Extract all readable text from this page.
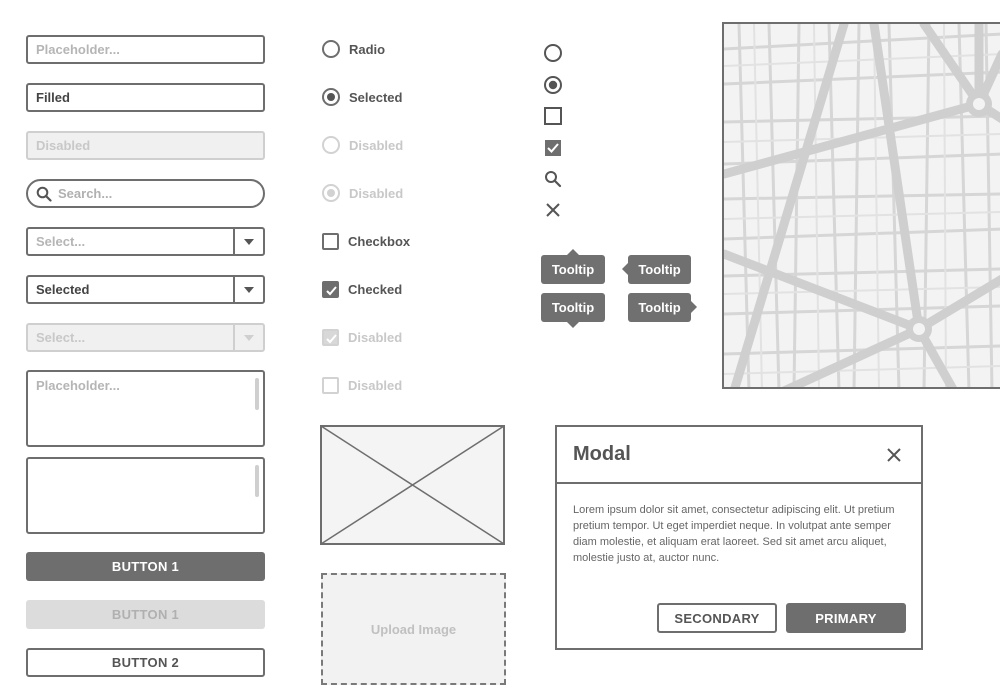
Placeholder...
Filled
Disabled
Search...
Select...
Selected
Select...
Placeholder...
BUTTON 1
BUTTON 1
BUTTON 2
Radio
Selected
Disabled
Disabled
Checkbox
Checked
Disabled
Disabled
Upload Image
Tooltip	Tooltip
Tooltip	Tooltip
Modal
Lorem ipsum dolor sit amet, consectetur adipiscing elit. Ut pretium pretium tempor. Ut eget imperdiet neque. In volutpat ante semper diam molestie, et aliquam erat laoreet. Sed sit amet arcu aliquet, molestie justo at, auctor nunc.
SECONDARY	PRIMARY
